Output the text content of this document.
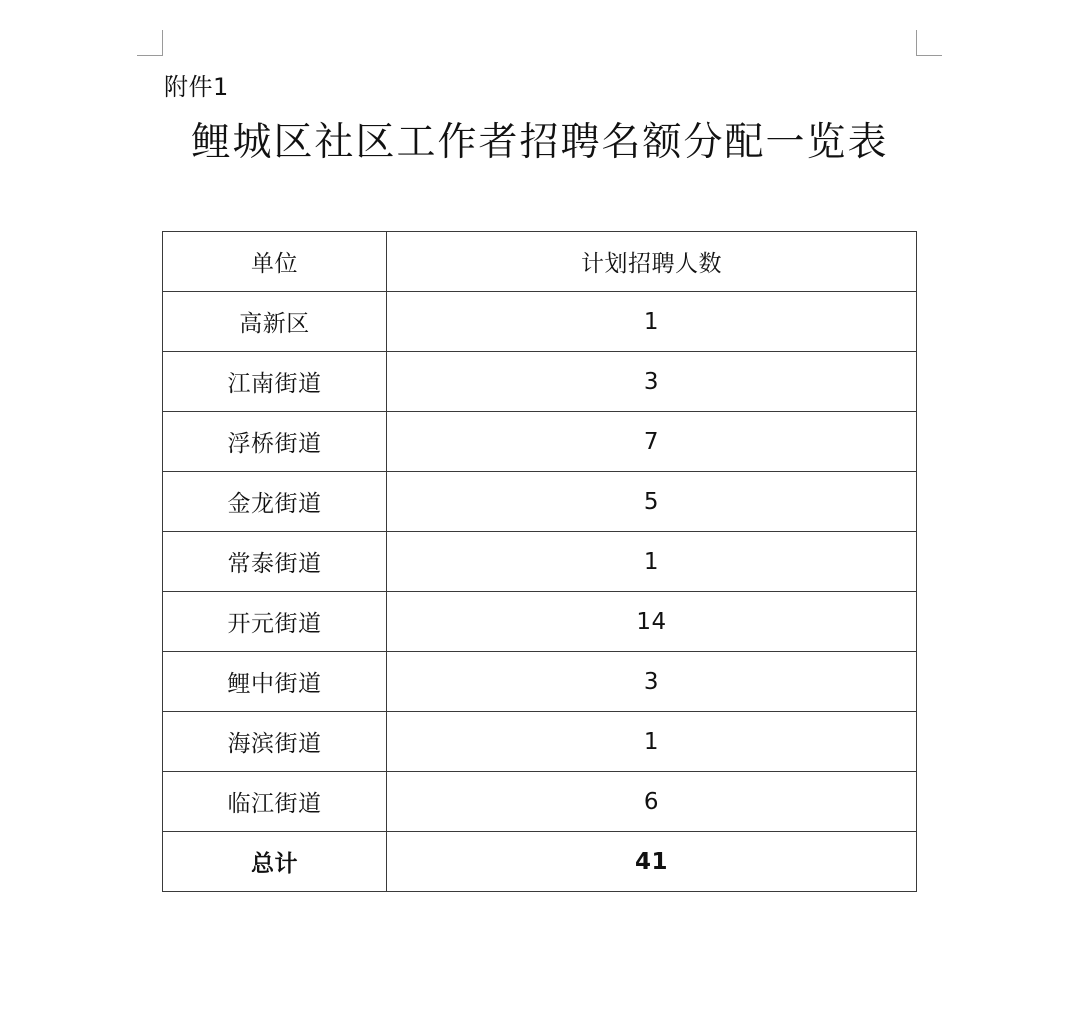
附件1
鲤城区社区工作者招聘名额分配一览表
单位	计划招聘人数
高新区	1
江南街道	3
浮桥街道	7
金龙街道	5
常泰街道	1
开元街道	14
鲤中街道	3
海滨街道	1
临江街道	6
总计	41
